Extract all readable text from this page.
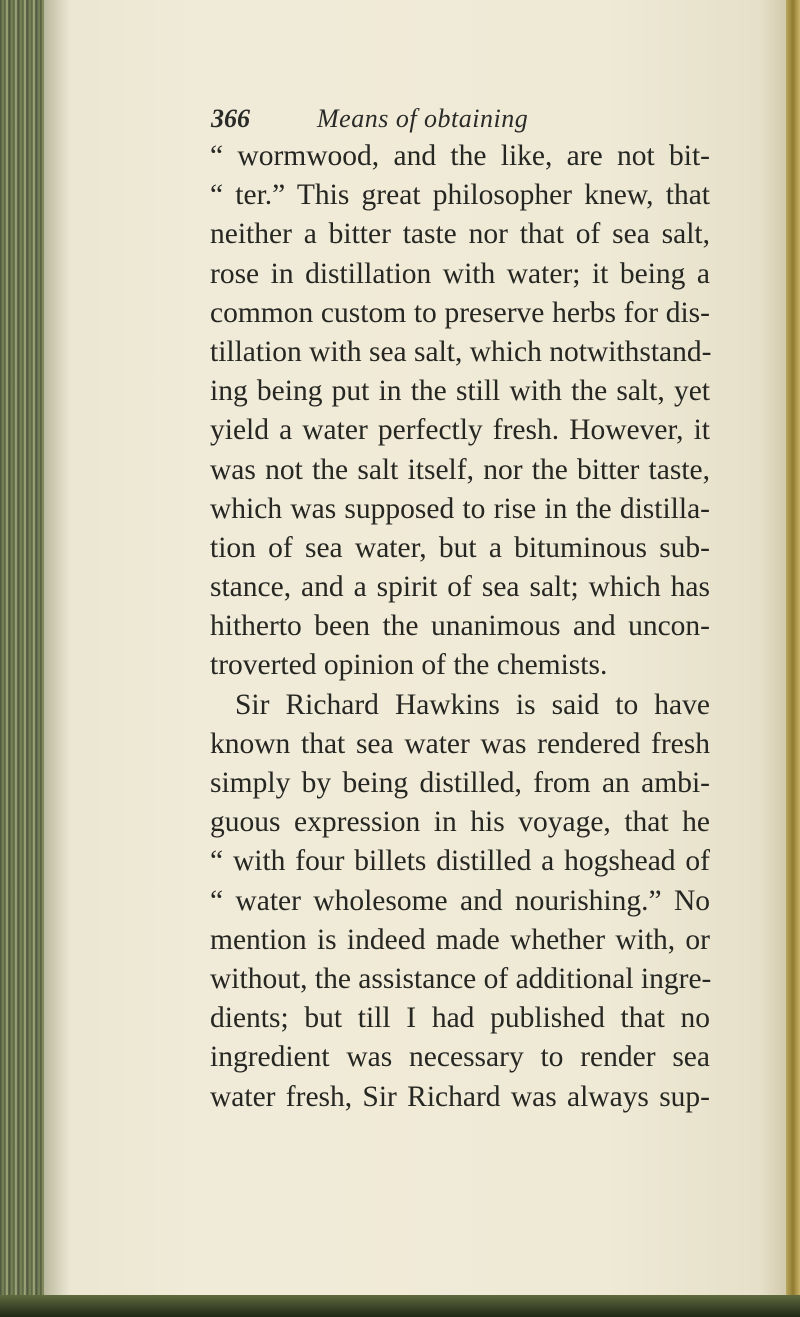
366	Means of obtaining
“ wormwood, and the like, are not bit-
“ ter.” This great philosopher knew, that
neither a bitter taste nor that of sea salt,
rose in distillation with water; it being a
common custom to preserve herbs for dis-
tillation with sea salt, which notwithstand-
ing being put in the still with the salt, yet
yield a water perfectly fresh. However, it
was not the salt itself, nor the bitter taste,
which was supposed to rise in the distilla-
tion of sea water, but a bituminous sub-
stance, and a spirit of sea salt; which has
hitherto been the unanimous and uncon-
troverted opinion of the chemists.
Sir Richard Hawkins is said to have
known that sea water was rendered fresh
simply by being distilled, from an ambi-
guous expression in his voyage, that he
“ with four billets distilled a hogshead of
“ water wholesome and nourishing.” No
mention is indeed made whether with, or
without, the assistance of additional ingre-
dients; but till I had published that no
ingredient was necessary to render sea
water fresh, Sir Richard was always sup-
